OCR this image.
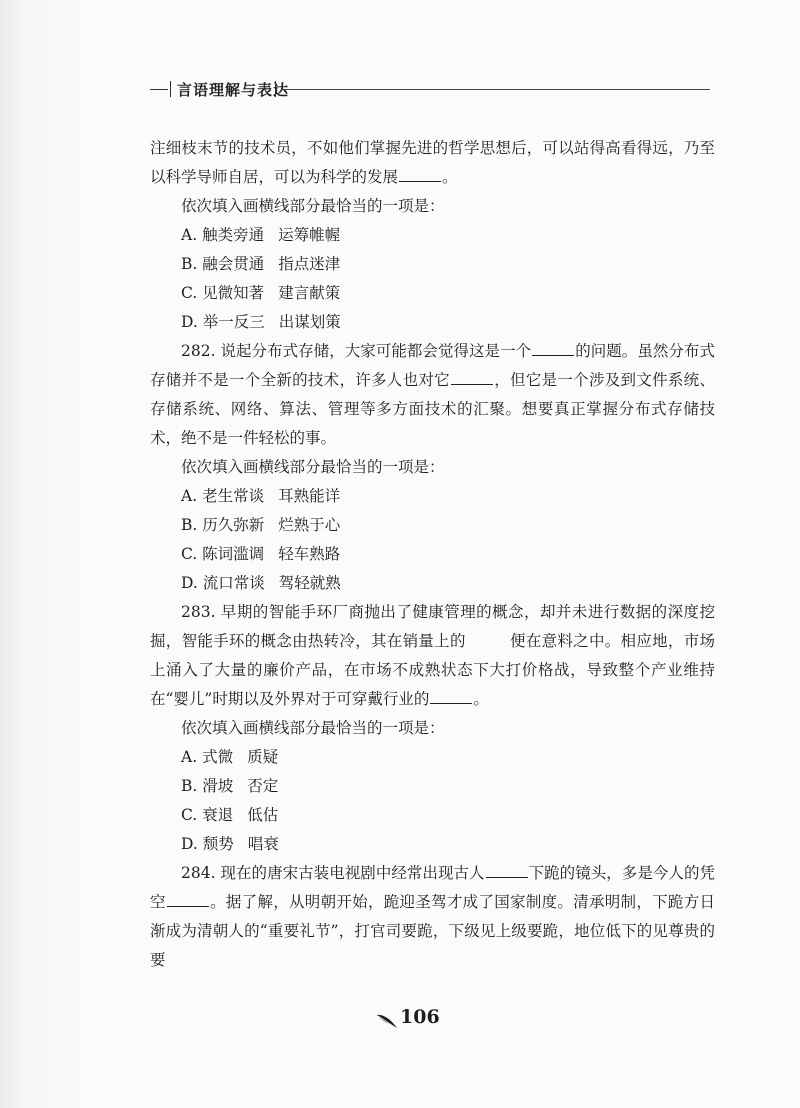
言语理解与表达

注细枝末节的技术员，不如他们掌握先进的哲学思想后，可以站得高看得远，乃至以科学导师自居，可以为科学的发展	。

依次填入画横线部分最恰当的一项是：

A. 触类旁通 运筹帷幄

B. 融会贯通 指点迷津

C. 见微知著 建言献策

D. 举一反三 出谋划策

282. 说起分布式存储，大家可能都会觉得这是一个	的问题。虽然分布式存储并不是一个全新的技术，许多人也对它	，但它是一个涉及到文件系统、存储系统、网络、算法、管理等多方面技术的汇聚。想要真正掌握分布式存储技术，绝不是一件轻松的事。

依次填入画横线部分最恰当的一项是：

A. 老生常谈 耳熟能详

B. 历久弥新 烂熟于心

C. 陈词滥调 轻车熟路

D. 流口常谈 驾轻就熟

283. 早期的智能手环厂商抛出了健康管理的概念，却并未进行数据的深度挖掘，智能手环的概念由热转冷，其在销量上的	便在意料之中。相应地，市场上涌入了大量的廉价产品，在市场不成熟状态下大打价格战，导致整个产业维持在“婴儿”时期以及外界对于可穿戴行业的	。

依次填入画横线部分最恰当的一项是：

A. 式微 质疑

B. 滑坡 否定

C. 衰退 低估

D. 颓势 唱衰

284. 现在的唐宋古装电视剧中经常出现古人	下跪的镜头，多是今人的凭空	。据了解，从明朝开始，跪迎圣驾才成了国家制度。清承明制，下跪方日渐成为清朝人的“重要礼节”，打官司要跪，下级见上级要跪，地位低下的见尊贵的要

106
